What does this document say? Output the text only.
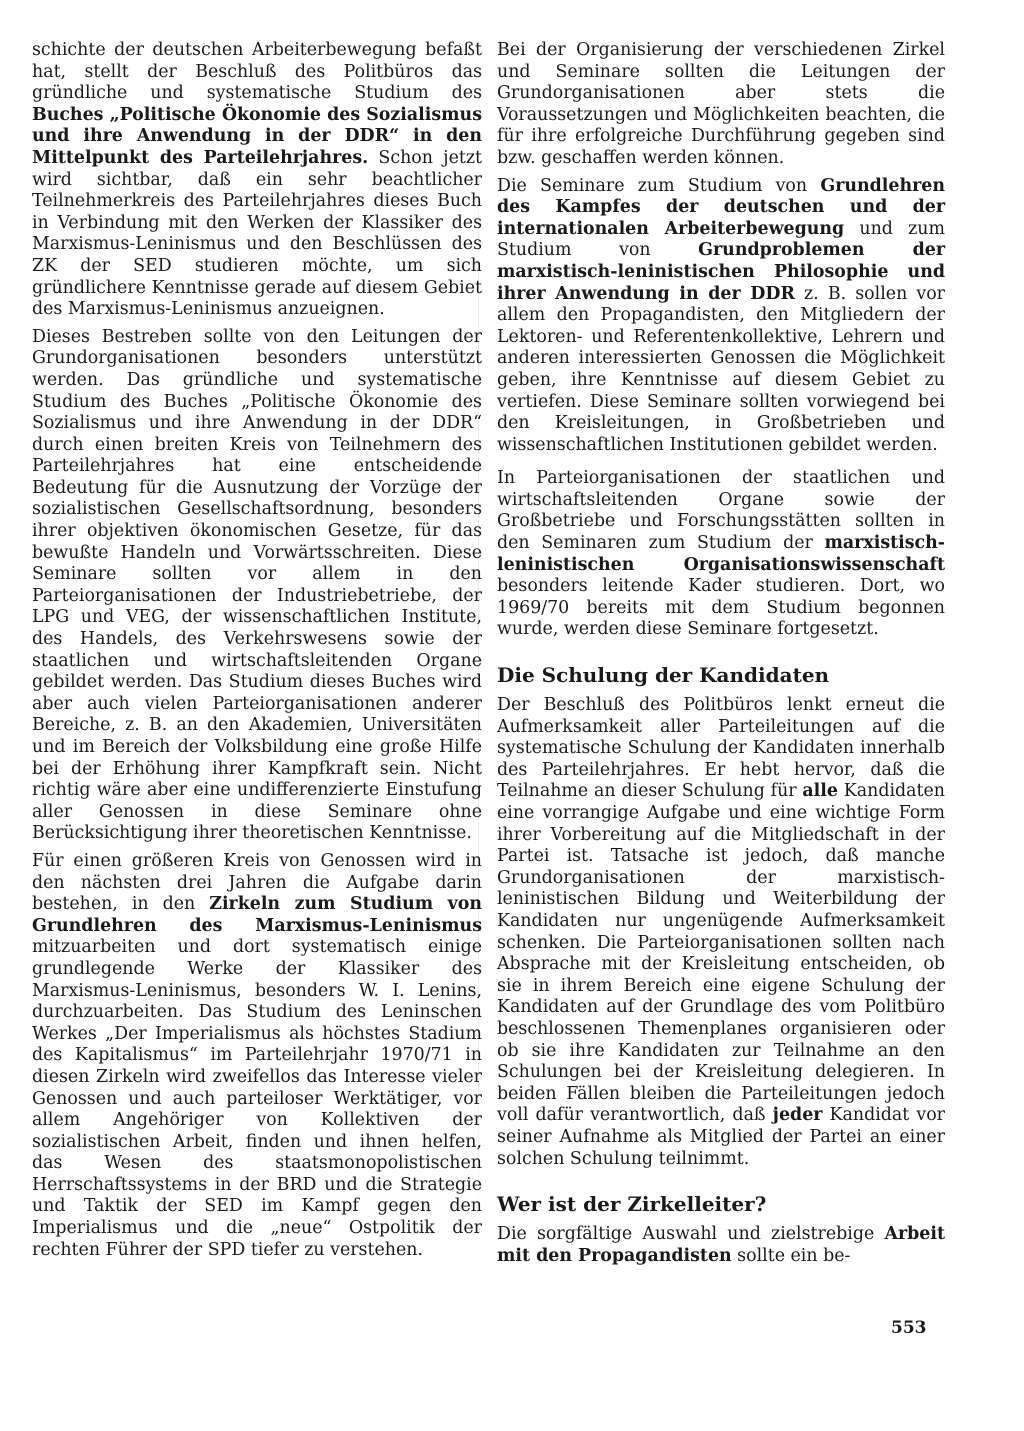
schichte der deutschen Arbeiterbewegung befaßt hat, stellt der Beschluß des Politbüros das gründliche und systematische Studium des Buches „Politische Ökonomie des Sozialismus und ihre Anwendung in der DDR“ in den Mittelpunkt des Parteilehrjahres. Schon jetzt wird sichtbar, daß ein sehr beachtlicher Teilnehmerkreis des Parteilehrjahres dieses Buch in Verbindung mit den Werken der Klassiker des Marxismus-Leninismus und den Beschlüssen des ZK der SED studieren möchte, um sich gründlichere Kenntnisse gerade auf diesem Gebiet des Marxismus-Leninismus anzueignen.

Dieses Bestreben sollte von den Leitungen der Grundorganisationen besonders unterstützt werden. Das gründliche und systematische Studium des Buches „Politische Ökonomie des Sozialismus und ihre Anwendung in der DDR“ durch einen breiten Kreis von Teilnehmern des Parteilehrjahres hat eine entscheidende Bedeutung für die Ausnutzung der Vorzüge der sozialistischen Gesellschaftsordnung, besonders ihrer objektiven ökonomischen Gesetze, für das bewußte Handeln und Vorwärtsschreiten. Diese Seminare sollten vor allem in den Parteiorganisationen der Industriebetriebe, der LPG und VEG, der wissenschaftlichen Institute, des Handels, des Verkehrswesens sowie der staatlichen und wirtschaftsleitenden Organe gebildet werden. Das Studium dieses Buches wird aber auch vielen Parteiorganisationen anderer Bereiche, z. B. an den Akademien, Universitäten und im Bereich der Volksbildung eine große Hilfe bei der Erhöhung ihrer Kampfkraft sein. Nicht richtig wäre aber eine undifferenzierte Einstufung aller Genossen in diese Seminare ohne Berücksichtigung ihrer theoretischen Kenntnisse.

Für einen größeren Kreis von Genossen wird in den nächsten drei Jahren die Aufgabe darin bestehen, in den Zirkeln zum Studium von Grundlehren des Marxismus-Leninismus mitzuarbeiten und dort systematisch einige grundlegende Werke der Klassiker des Marxismus-Leninismus, besonders W. I. Lenins, durchzuarbeiten. Das Studium des Leninschen Werkes „Der Imperialismus als höchstes Stadium des Kapitalismus“ im Parteilehrjahr 1970/71 in diesen Zirkeln wird zweifellos das Interesse vieler Genossen und auch parteiloser Werktätiger, vor allem Angehöriger von Kollektiven der sozialistischen Arbeit, finden und ihnen helfen, das Wesen des staatsmonopolistischen Herrschaftssystems in der BRD und die Strategie und Taktik der SED im Kampf gegen den Imperialismus und die „neue“ Ostpolitik der rechten Führer der SPD tiefer zu verstehen.

Bei der Organisierung der verschiedenen Zirkel und Seminare sollten die Leitungen der Grundorganisationen aber stets die Voraussetzungen und Möglichkeiten beachten, die für ihre erfolgreiche Durchführung gegeben sind bzw. geschaffen werden können.

Die Seminare zum Studium von Grundlehren des Kampfes der deutschen und der internationalen Arbeiterbewegung und zum Studium von Grundproblemen der marxistisch-leninistischen Philosophie und ihrer Anwendung in der DDR z. B. sollen vor allem den Propagandisten, den Mitgliedern der Lektoren- und Referentenkollektive, Lehrern und anderen interessierten Genossen die Möglichkeit geben, ihre Kenntnisse auf diesem Gebiet zu vertiefen. Diese Seminare sollten vorwiegend bei den Kreisleitungen, in Großbetrieben und wissenschaftlichen Institutionen gebildet werden.

In Parteiorganisationen der staatlichen und wirtschaftsleitenden Organe sowie der Großbetriebe und Forschungsstätten sollten in den Seminaren zum Studium der marxistisch-leninistischen Organisationswissenschaft besonders leitende Kader studieren. Dort, wo 1969/70 bereits mit dem Studium begonnen wurde, werden diese Seminare fortgesetzt.

Die Schulung der Kandidaten

Der Beschluß des Politbüros lenkt erneut die Aufmerksamkeit aller Parteileitungen auf die systematische Schulung der Kandidaten innerhalb des Parteilehrjahres. Er hebt hervor, daß die Teilnahme an dieser Schulung für alle Kandidaten eine vorrangige Aufgabe und eine wichtige Form ihrer Vorbereitung auf die Mitgliedschaft in der Partei ist. Tatsache ist jedoch, daß manche Grundorganisationen der marxistisch-leninistischen Bildung und Weiterbildung der Kandidaten nur ungenügende Aufmerksamkeit schenken. Die Parteiorganisationen sollten nach Absprache mit der Kreisleitung entscheiden, ob sie in ihrem Bereich eine eigene Schulung der Kandidaten auf der Grundlage des vom Politbüro beschlossenen Themenplanes organisieren oder ob sie ihre Kandidaten zur Teilnahme an den Schulungen bei der Kreisleitung delegieren. In beiden Fällen bleiben die Parteileitungen jedoch voll dafür verantwortlich, daß jeder Kandidat vor seiner Aufnahme als Mitglied der Partei an einer solchen Schulung teilnimmt.

Wer ist der Zirkelleiter?

Die sorgfältige Auswahl und zielstrebige Arbeit mit den Propagandisten sollte ein be-

553
